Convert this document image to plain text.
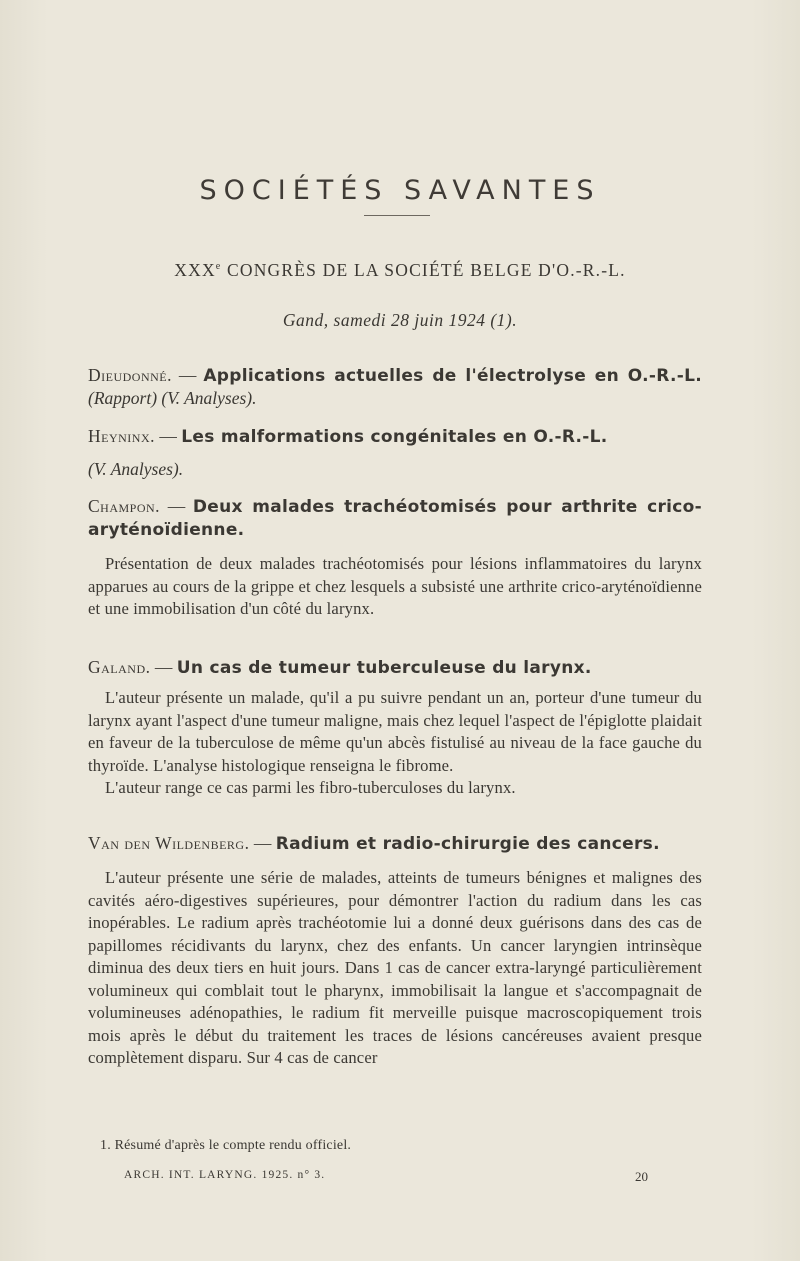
SOCIÉTÉS SAVANTES
XXXe CONGRÈS DE LA SOCIÉTÉ BELGE D'O.-R.-L.
Gand, samedi 28 juin 1924 (1).
Dieudonné. — Applications actuelles de l'électrolyse en O.-R.-L. (Rapport) (V. Analyses).
Heyninx. — Les malformations congénitales en O.-R.-L.
(V. Analyses).
Champon. — Deux malades trachéotomisés pour arthrite crico-aryténoïdienne.

Présentation de deux malades trachéotomisés pour lésions inflammatoires du larynx apparues au cours de la grippe et chez lesquels a subsisté une arthrite crico-aryténoïdienne et une immobilisation d'un côté du larynx.

Galand. — Un cas de tumeur tuberculeuse du larynx.

L'auteur présente un malade, qu'il a pu suivre pendant un an, porteur d'une tumeur du larynx ayant l'aspect d'une tumeur maligne, mais chez lequel l'aspect de l'épiglotte plaidait en faveur de la tuberculose de même qu'un abcès fistulisé au niveau de la face gauche du thyroïde. L'analyse histologique renseigna le fibrome.

L'auteur range ce cas parmi les fibro-tuberculoses du larynx.

Van den Wildenberg. — Radium et radio-chirurgie des cancers.

L'auteur présente une série de malades, atteints de tumeurs bénignes et malignes des cavités aéro-digestives supérieures, pour démontrer l'action du radium dans les cas inopérables. Le radium après trachéotomie lui a donné deux guérisons dans des cas de papillomes récidivants du larynx, chez des enfants. Un cancer laryngien intrinsèque diminua des deux tiers en huit jours. Dans 1 cas de cancer extra-laryngé particulièrement volumineux qui comblait tout le pharynx, immobilisait la langue et s'accompagnait de volumineuses adénopathies, le radium fit merveille puisque macroscopiquement trois mois après le début du traitement les traces de lésions cancéreuses avaient presque complètement disparu. Sur 4 cas de cancer

1. Résumé d'après le compte rendu officiel.
ARCH. INT. LARYNG. 1925. n° 3.	20
